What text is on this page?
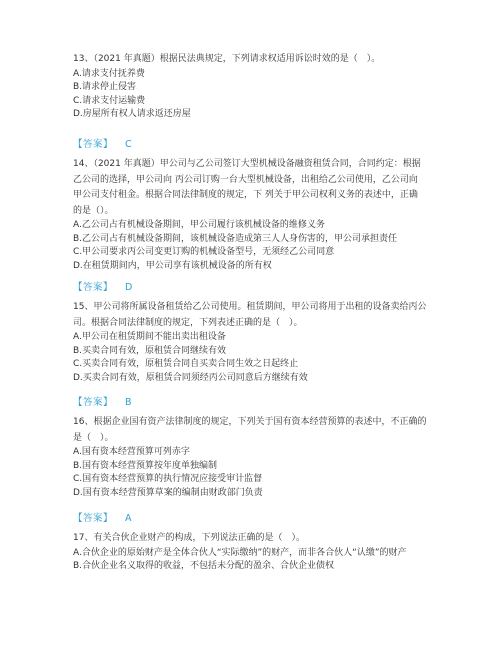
13、（2021 年真题）根据民法典规定，下列请求权适用诉讼时效的是（　）。

A.请求支付抚养费

B.请求停止侵害

C.请求支付运输费

D.房屋所有权人请求返还房屋

【答案】 C

14、（2021 年真题）甲公司与乙公司签订大型机械设备融资租赁合同，合同约定：根据

乙公司的选择，甲公司向 丙公司订购一台大型机械设备，出租给乙公司使用，乙公司向

甲公司支付租金。根据合同法律制度的规定，下 列关于甲公司权利义务的表述中，正确

的是（）。

A.乙公司占有机械设备期间，甲公司履行该机械设备的维修义务

B.乙公司占有机械设备期间，该机械设备造成第三人人身伤害的，甲公司承担责任

C.甲公司要求丙公司变更订购的机械设备型号，无须经乙公司同意

D.在租赁期间内，甲公司享有该机械设备的所有权

【答案】 D

15、甲公司将所属设备租赁给乙公司使用。租赁期间，甲公司将用于出租的设备卖给丙公

司。根据合同法律制度的规定，下列表述正确的是（　）。

A.甲公司在租赁期间不能出卖出租设备

B.买卖合同有效，原租赁合同继续有效

C.买卖合同有效，原租赁合同自买卖合同生效之日起终止

D.买卖合同有效，原租赁合同须经丙公司同意后方继续有效

【答案】 B

16、根据企业国有资产法律制度的规定，下列关于国有资本经营预算的表述中，不正确的

是（　）。

A.国有资本经营预算可列赤字

B.国有资本经营预算按年度单独编制

C.国有资本经营预算的执行情况应接受审计监督

D.国有资本经营预算草案的编制由财政部门负责

【答案】 A

17、有关合伙企业财产的构成，下列说法正确的是（　）。

A.合伙企业的原始财产是全体合伙人“实际缴纳”的财产，而非各合伙人“认缴”的财产

B.合伙企业名义取得的收益，不包括未分配的盈余、合伙企业债权
